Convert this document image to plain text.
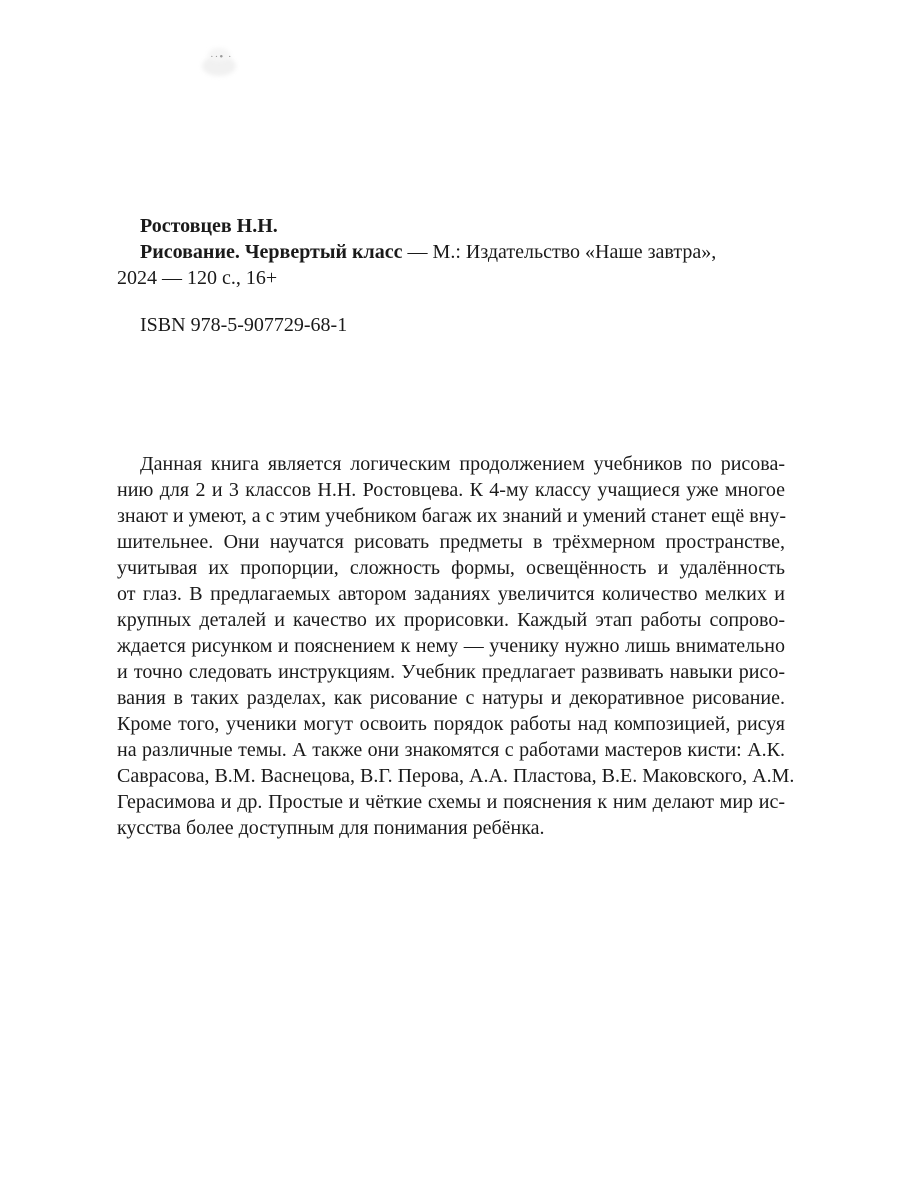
··• ·
Ростовцев Н.Н.
Рисование. Червертый класс — М.: Издательство «Наше завтра»,
2024 — 120 с., 16+
ISBN 978-5-907729-68-1
Данная книга является логическим продолжением учебников по рисова-
нию для 2 и 3 классов Н.Н. Ростовцева. К 4-му классу учащиеся уже многое
знают и умеют, а с этим учебником багаж их знаний и умений станет ещё вну-
шительнее. Они научатся рисовать предметы в трёхмерном пространстве,
учитывая их пропорции, сложность формы, освещённость и удалённость
от глаз. В предлагаемых автором заданиях увеличится количество мелких и
крупных деталей и качество их прорисовки. Каждый этап работы сопрово-
ждается рисунком и пояснением к нему — ученику нужно лишь внимательно
и точно следовать инструкциям. Учебник предлагает развивать навыки рисо-
вания в таких разделах, как рисование с натуры и декоративное рисование.
Кроме того, ученики могут освоить порядок работы над композицией, рисуя
на различные темы. А также они знакомятся с работами мастеров кисти: А.К.
Саврасова, В.М. Васнецова, В.Г. Перова, А.А. Пластова, В.Е. Маковского, А.М.
Герасимова и др. Простые и чёткие схемы и пояснения к ним делают мир ис-
кусства более доступным для понимания ребёнка.
